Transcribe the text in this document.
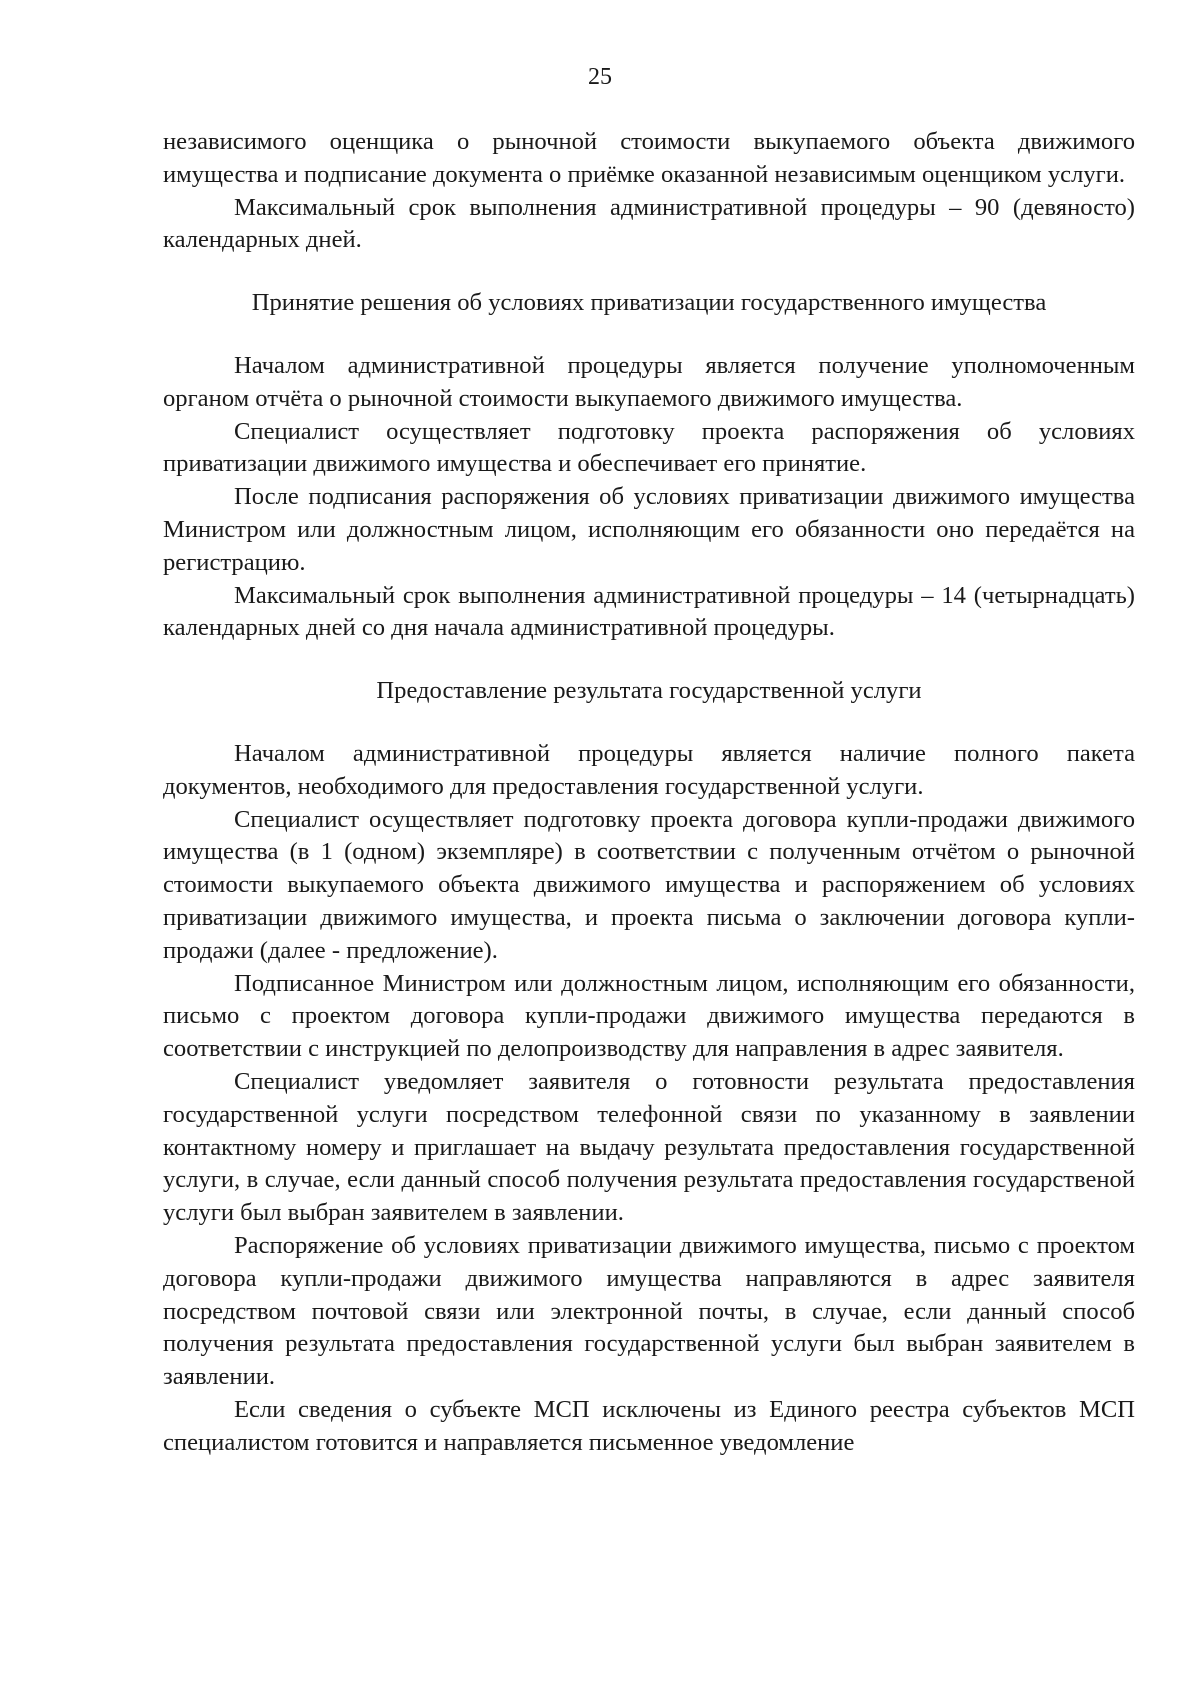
25

независимого оценщика о рыночной стоимости выкупаемого объекта движимого имущества и подписание документа о приёмке оказанной независимым оценщиком услуги.

Максимальный срок выполнения административной процедуры – 90 (девяносто) календарных дней.

Принятие решения об условиях приватизации государственного имущества

Началом административной процедуры является получение уполномоченным органом отчёта о рыночной стоимости выкупаемого движимого имущества.

Специалист осуществляет подготовку проекта распоряжения об условиях приватизации движимого имущества и обеспечивает его принятие.

После подписания распоряжения об условиях приватизации движимого имущества Министром или должностным лицом, исполняющим его обязанности оно передаётся на регистрацию.

Максимальный срок выполнения административной процедуры – 14 (четырнадцать) календарных дней со дня начала административной процедуры.

Предоставление результата государственной услуги

Началом административной процедуры является наличие полного пакета документов, необходимого для предоставления государственной услуги.

Специалист осуществляет подготовку проекта договора купли-продажи движимого имущества (в 1 (одном) экземпляре) в соответствии с полученным отчётом о рыночной стоимости выкупаемого объекта движимого имущества и распоряжением об условиях приватизации движимого имущества, и проекта письма о заключении договора купли-продажи (далее - предложение).

Подписанное Министром или должностным лицом, исполняющим его обязанности, письмо с проектом договора купли-продажи движимого имущества передаются в соответствии с инструкцией по делопроизводству для направления в адрес заявителя.

Специалист уведомляет заявителя о готовности результата предоставления государственной услуги посредством телефонной связи по указанному в заявлении контактному номеру и приглашает на выдачу результата предоставления государственной услуги, в случае, если данный способ получения результата предоставления государственой услуги был выбран заявителем в заявлении.

Распоряжение об условиях приватизации движимого имущества, письмо с проектом договора купли-продажи движимого имущества направляются в адрес заявителя посредством почтовой связи или электронной почты, в случае, если данный способ получения результата предоставления государственной услуги был выбран заявителем в заявлении.

Если сведения о субъекте МСП исключены из Единого реестра субъектов МСП специалистом готовится и направляется письменное уведомление
